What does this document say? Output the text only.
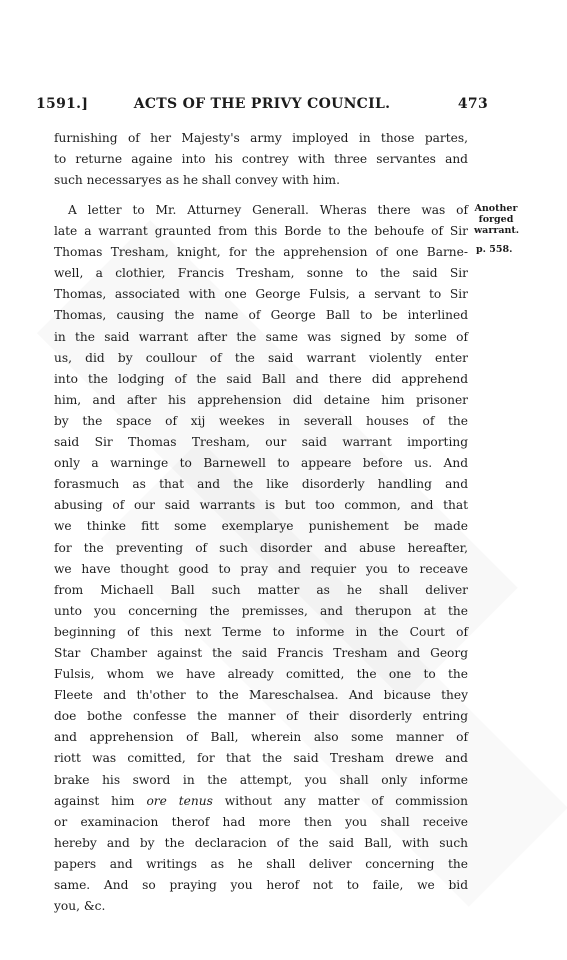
1591.]	ACTS OF THE PRIVY COUNCIL.	473
furnishing of her Majesty's army imployed in those partes,
to returne againe into his contrey with three servantes and
such necessaryes as he shall convey with him.
A letter to Mr. Atturney Generall. Wheras there was of
late a warrant graunted from this Borde to the behoufe of Sir
Thomas Tresham, knight, for the apprehension of one Barne-
well, a clothier, Francis Tresham, sonne to the said Sir
Thomas, associated with one George Fulsis, a servant to Sir
Thomas, causing the name of George Ball to be interlined
in the said warrant after the same was signed by some of
us, did by coullour of the said warrant violently enter
into the lodging of the said Ball and there did apprehend
him, and after his apprehension did detaine him prisoner
by the space of xij weekes in severall houses of the
said Sir Thomas Tresham, our said warrant importing
only a warninge to Barnewell to appeare before us. And
forasmuch as that and the like disorderly handling and
abusing of our said warrants is but too common, and that
we thinke fitt some exemplarye punishement be made
for the preventing of such disorder and abuse hereafter,
we have thought good to pray and requier you to receave
from Michaell Ball such matter as he shall deliver
unto you concerning the premisses, and therupon at the
beginning of this next Terme to informe in the Court of
Star Chamber against the said Francis Tresham and Georg
Fulsis, whom we have already comitted, the one to the
Fleete and th'other to the Mareschalsea. And bicause they
doe bothe confesse the manner of their disorderly entring
and apprehension of Ball, wherein also some manner of
riott was comitted, for that the said Tresham drewe and
brake his sword in the attempt, you shall only informe
against him ore tenus without any matter of commission
or examinacion therof had more then you shall receive
hereby and by the declaracion of the said Ball, with such
papers and writings as he shall deliver concerning the
same. And so praying you herof not to faile, we bid
you, &c.
Another
forged
warrant.
p. 558.
